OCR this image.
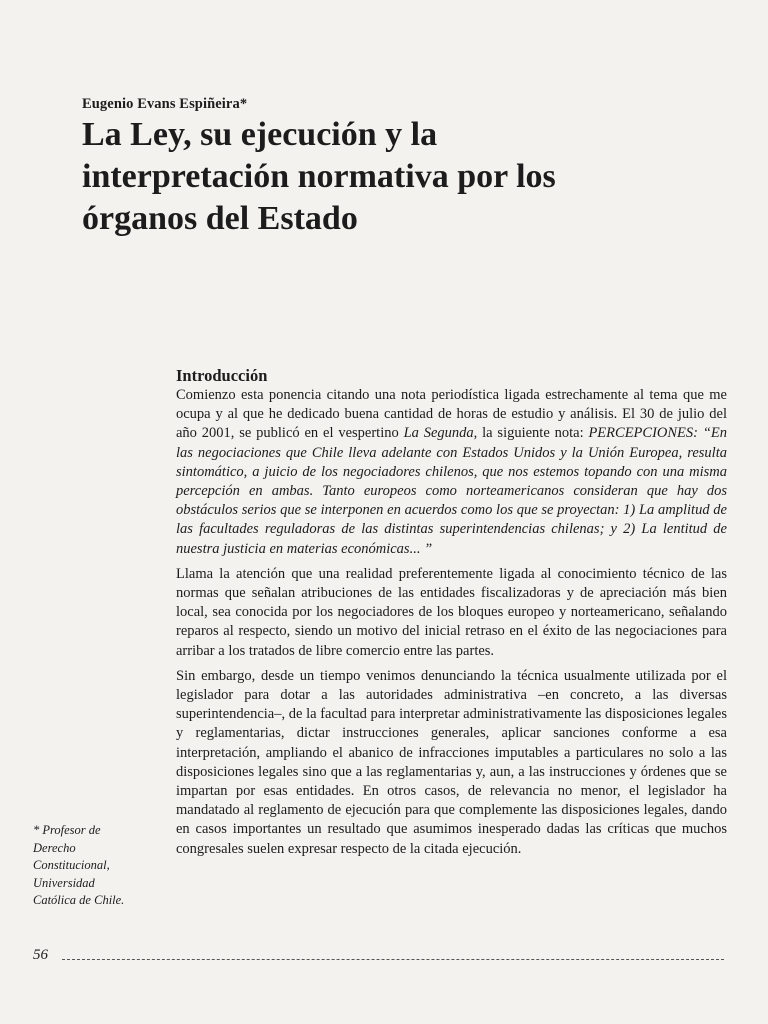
Eugenio Evans Espiñeira*
La Ley, su ejecución y la
interpretación normativa por los
órganos del Estado
Introducción

Comienzo esta ponencia citando una nota periodística ligada estrechamente al tema que me ocupa y al que he dedicado buena cantidad de horas de estudio y análisis. El 30 de julio del año 2001, se publicó en el vespertino La Segunda, la siguiente nota: PERCEPCIONES: “En las negociaciones que Chile lleva adelante con Estados Unidos y la Unión Europea, resulta sintomático, a juicio de los negociadores chilenos, que nos estemos topando con una misma percepción en ambas. Tanto europeos como norteamericanos consideran que hay dos obstáculos serios que se interponen en acuerdos como los que se proyectan: 1) La amplitud de las facultades reguladoras de las distintas superintendencias chilenas; y 2) La lentitud de nuestra justicia en materias económicas... ”

Llama la atención que una realidad preferentemente ligada al conocimiento técnico de las normas que señalan atribuciones de las entidades fiscalizadoras y de apreciación más bien local, sea conocida por los negociadores de los bloques europeo y norteamericano, señalando reparos al respecto, siendo un motivo del inicial retraso en el éxito de las negociaciones para arribar a los tratados de libre comercio entre las partes.

Sin embargo, desde un tiempo venimos denunciando la técnica usualmente utilizada por el legislador para dotar a las autoridades administrativa –en concreto, a las diversas superintendencia–, de la facultad para interpretar administrativamente las disposiciones legales y reglamentarias, dictar instrucciones generales, aplicar sanciones conforme a esa interpretación, ampliando el abanico de infracciones imputables a particulares no solo a las disposiciones legales sino que a las reglamentarias y, aun, a las instrucciones y órdenes que se impartan por esas entidades. En otros casos, de relevancia no menor, el legislador ha mandatado al reglamento de ejecución para que complemente las disposiciones legales, dando en casos importantes un resultado que asumimos inesperado dadas las críticas que muchos congresales suelen expresar respecto de la citada ejecución.

* Profesor de
Derecho
Constitucional,
Universidad
Católica de Chile.
56
